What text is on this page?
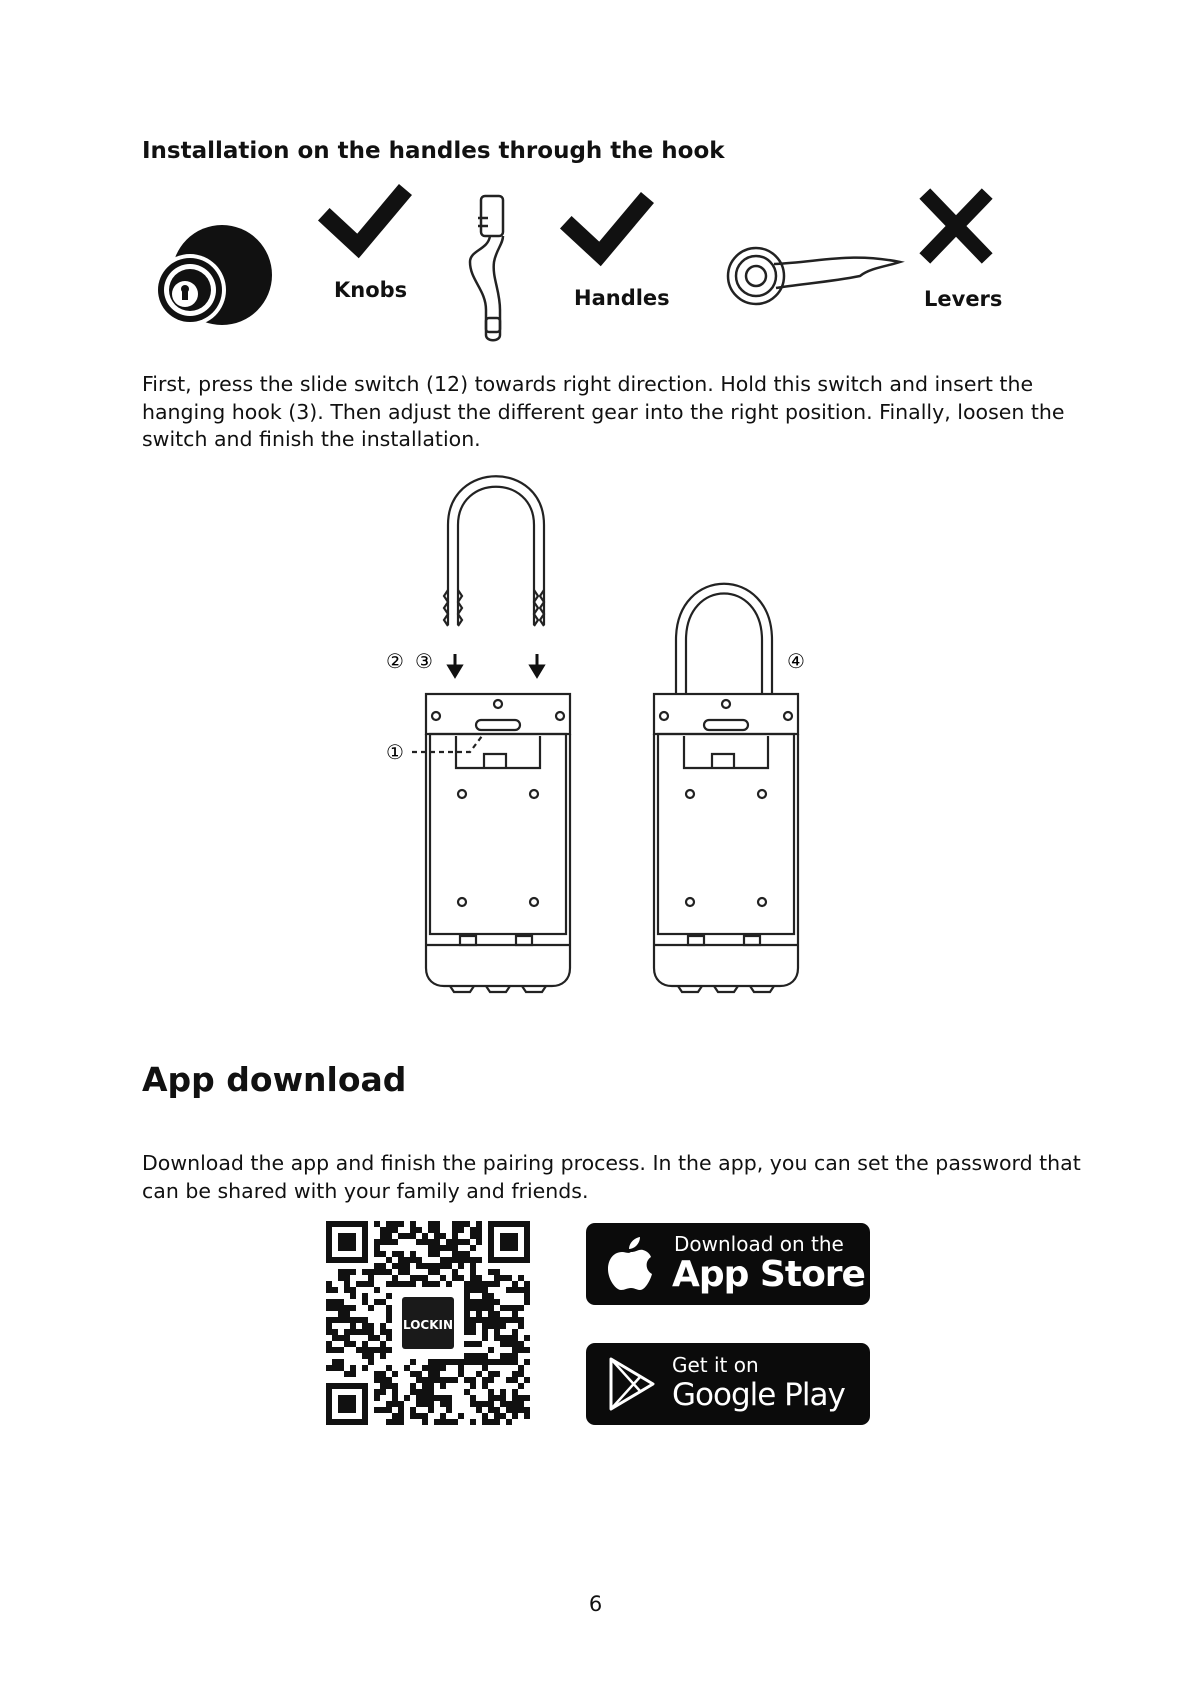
Installation on the handles through the hook
Knobs	Handles	Levers

First, press the slide switch (12) towards right direction. Hold this switch and insert the

hanging hook (3). Then adjust the different gear into the right position. Finally, loosen the

switch and finish the installation.

② ③
①
④
App download

Download the app and finish the pairing process. In the app, you can set the password that

can be shared with your family and friends.

LOCKIN
Download on the
App Store
Get it on
Google Play
6
